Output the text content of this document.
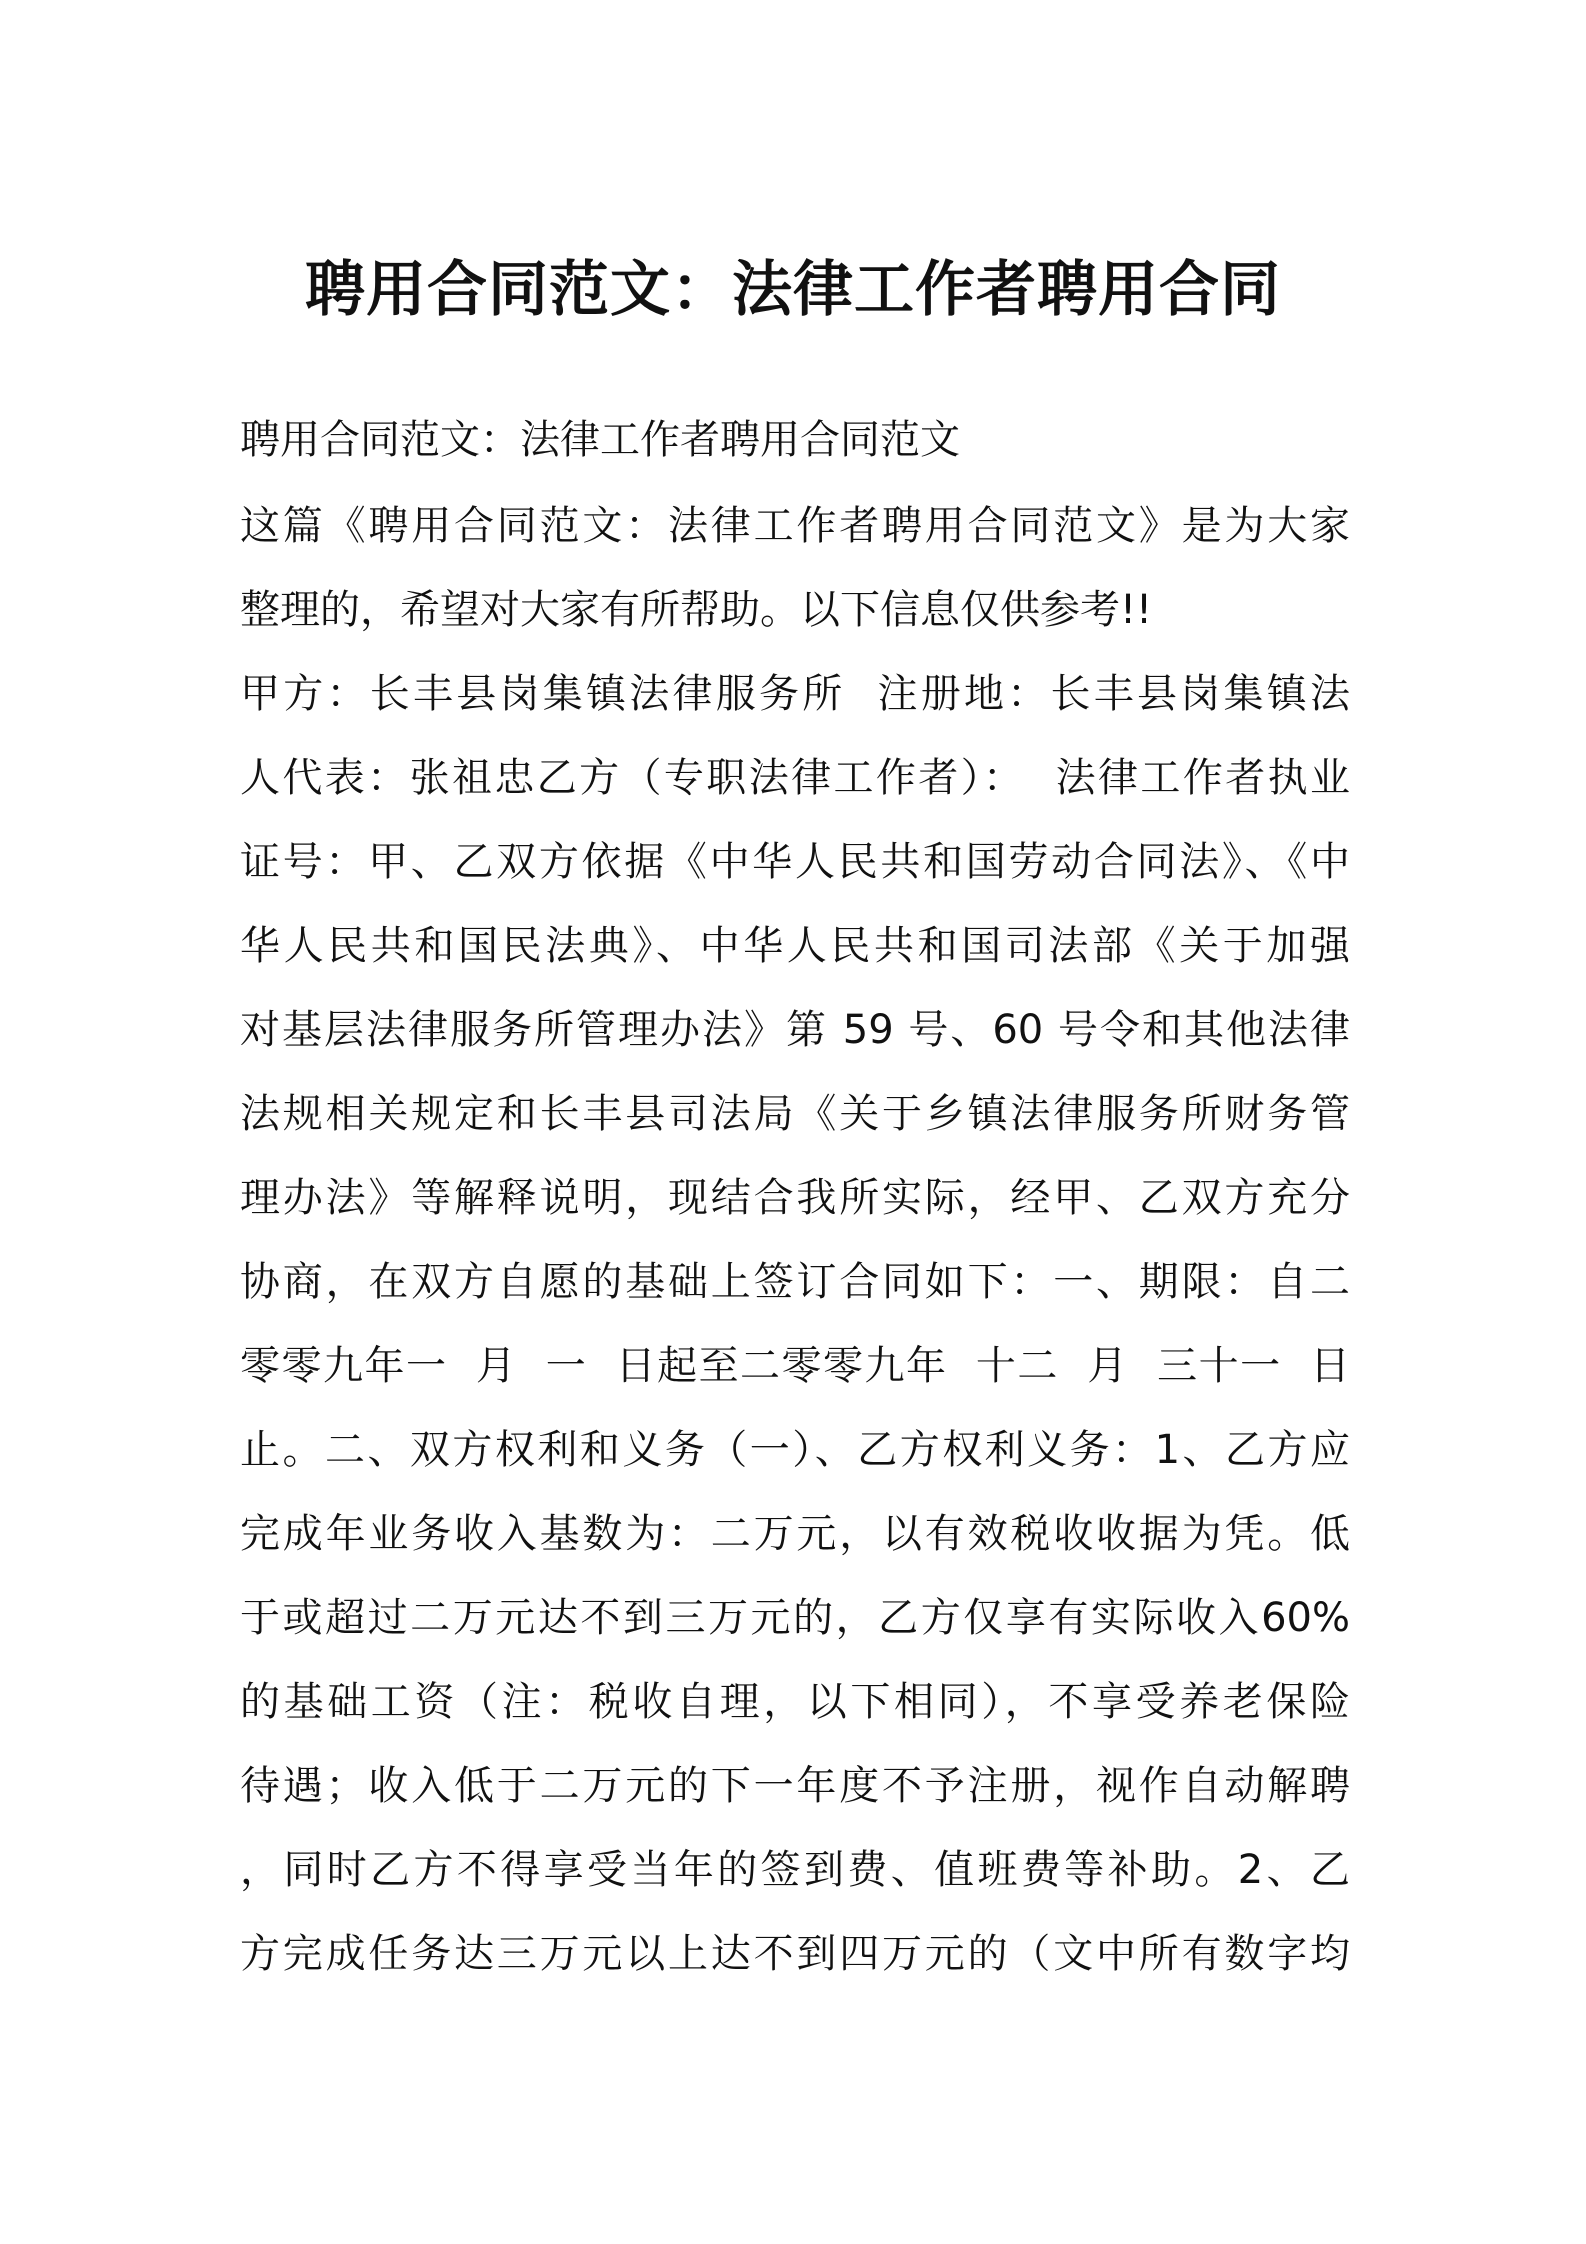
聘用合同范文：法律工作者聘用合同
聘用合同范文：法律工作者聘用合同范文
这篇《聘用合同范文：法律工作者聘用合同范文》是为大家
整理的，希望对大家有所帮助。以下信息仅供参考!!
甲方：长丰县岗集镇法律服务所  注册地：长丰县岗集镇法
人代表：张祖忠乙方（专职法律工作者）：  法律工作者执业
证号：甲、乙双方依据《中华人民共和国劳动合同法》、《中
华人民共和国民法典》、中华人民共和国司法部《关于加强
对基层法律服务所管理办法》第 59 号、60 号令和其他法律
法规相关规定和长丰县司法局《关于乡镇法律服务所财务管
理办法》等解释说明，现结合我所实际，经甲、乙双方充分
协商，在双方自愿的基础上签订合同如下：一、期限：自二
零零九年一  月  一  日起至二零零九年  十二  月  三十一  日
止。二、双方权利和义务（一）、乙方权利义务：1、乙方应
完成年业务收入基数为：二万元，以有效税收收据为凭。低
于或超过二万元达不到三万元的，乙方仅享有实际收入60%
的基础工资（注：税收自理，以下相同），不享受养老保险
待遇；收入低于二万元的下一年度不予注册，视作自动解聘
，同时乙方不得享受当年的签到费、值班费等补助。2、乙
方完成任务达三万元以上达不到四万元的（文中所有数字均
